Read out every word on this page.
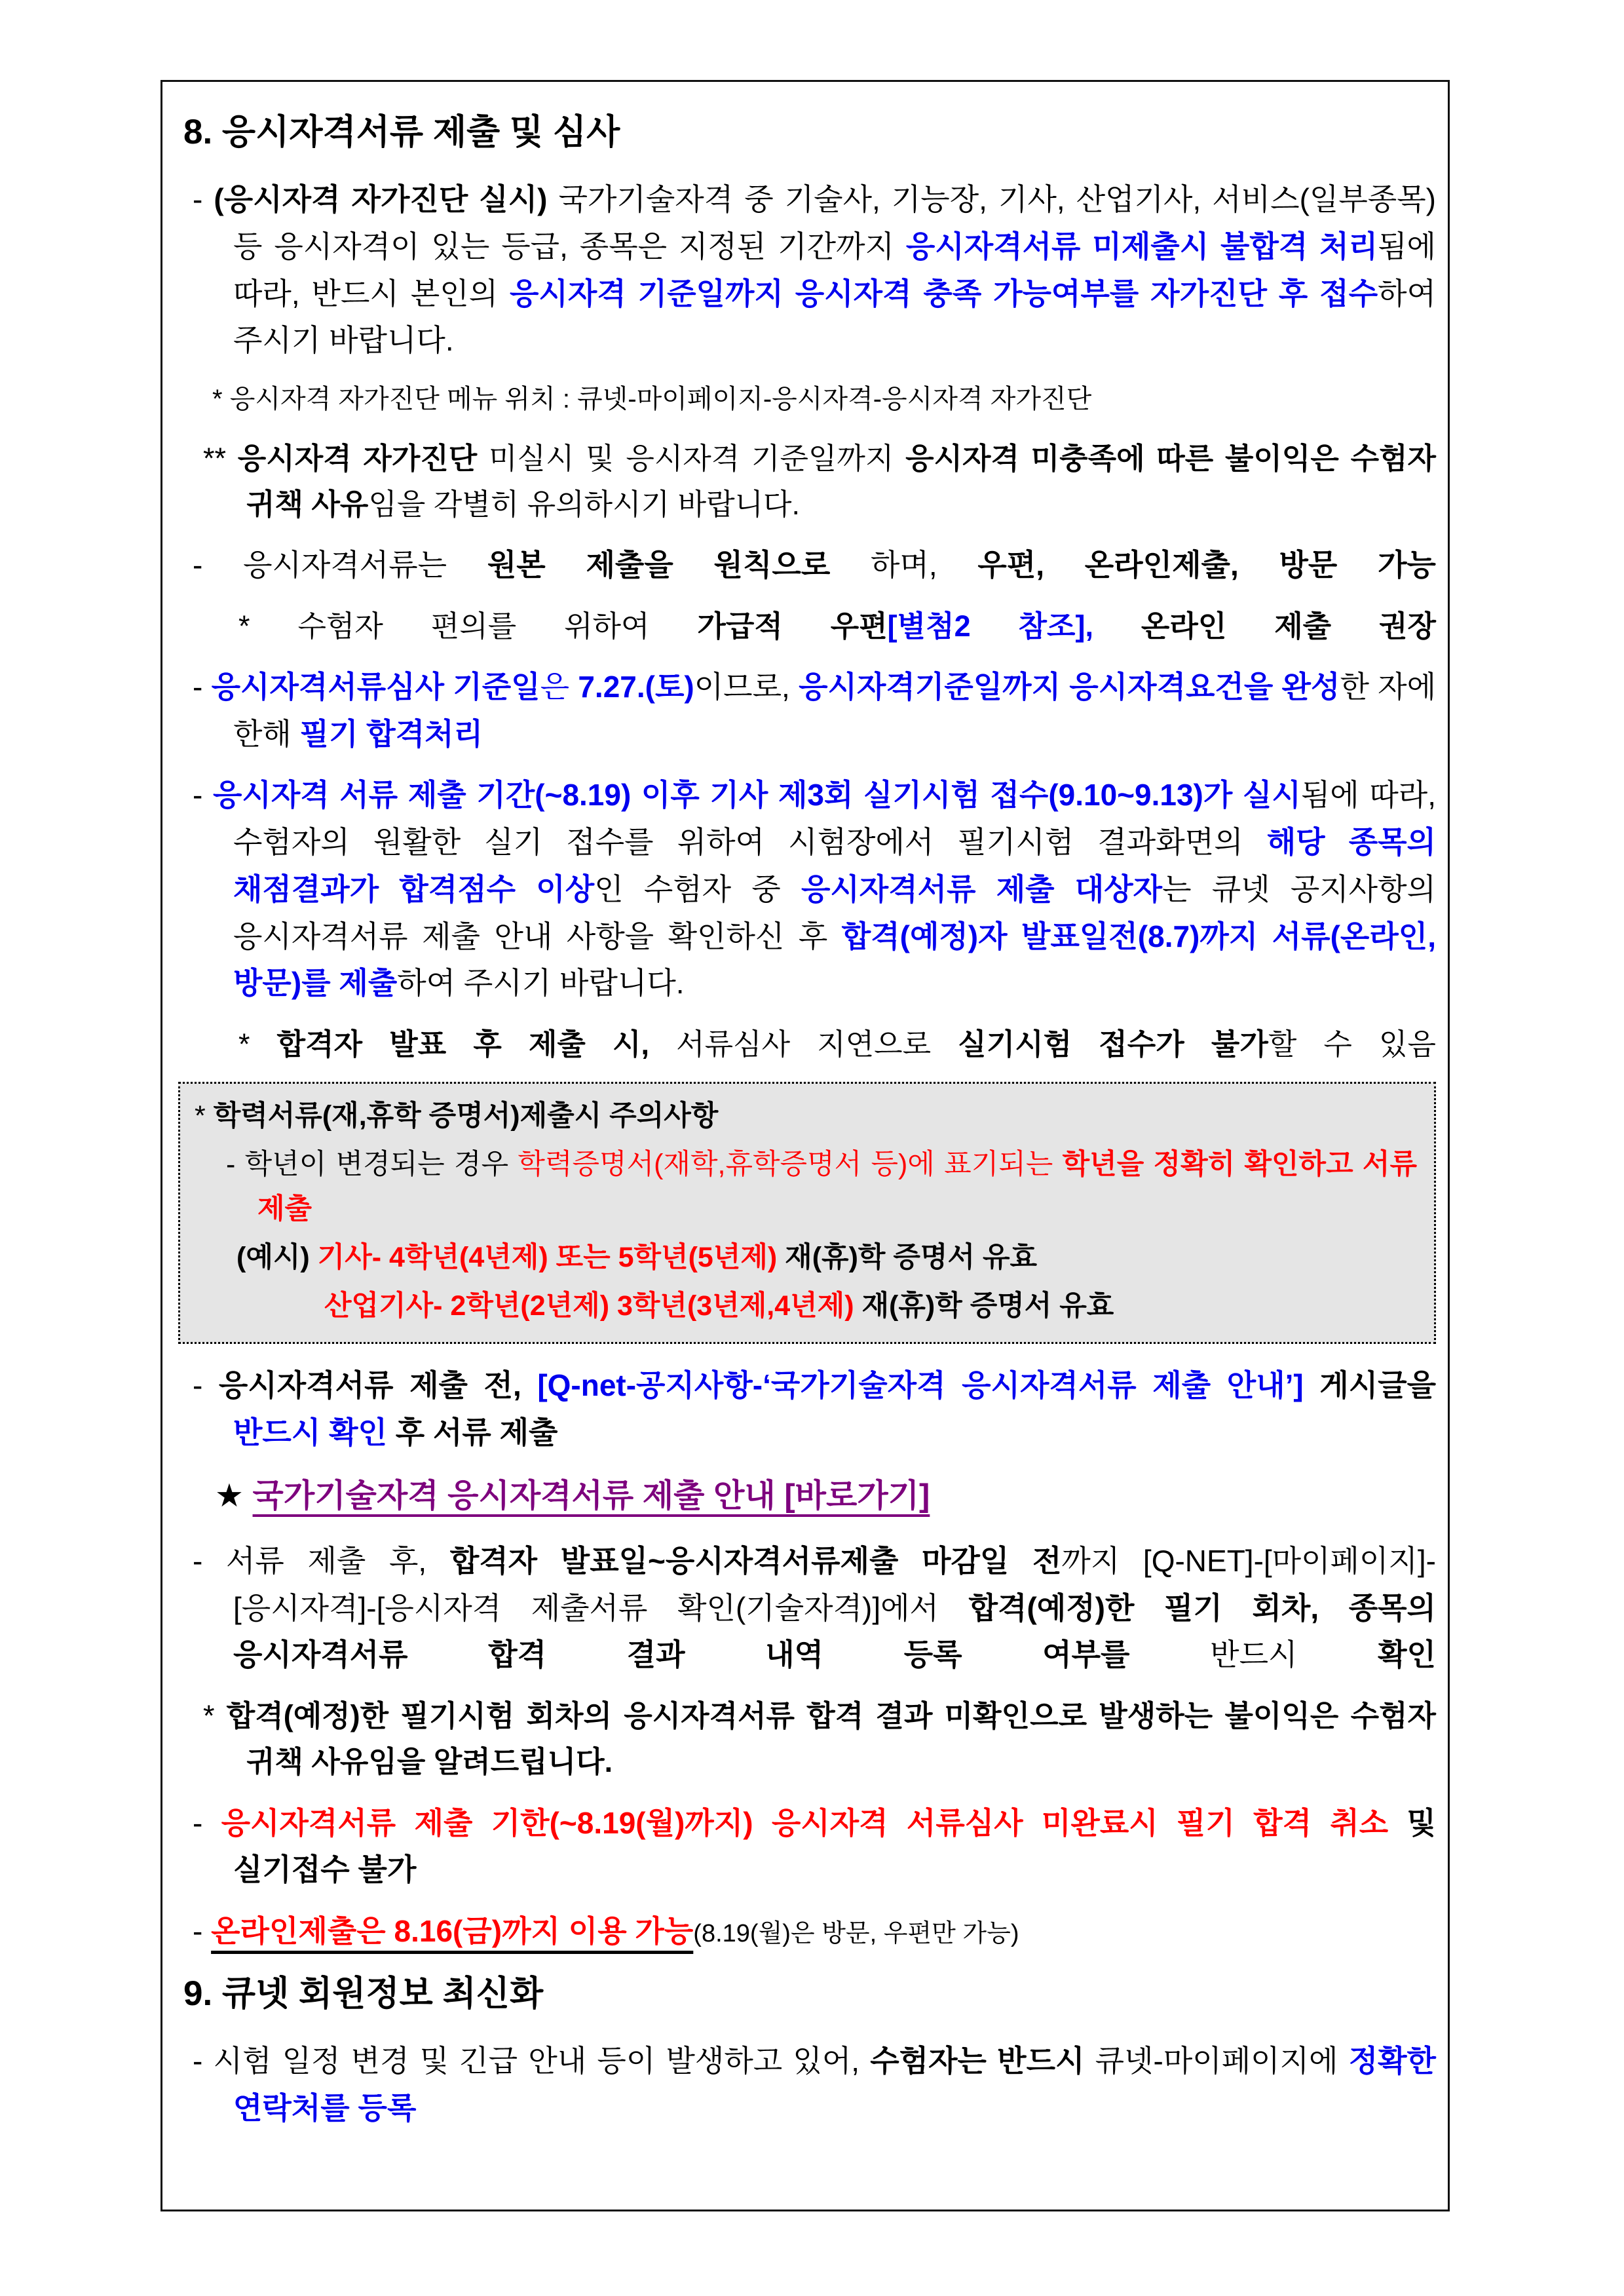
8. 응시자격서류 제출 및 심사
- (응시자격 자가진단 실시) 국가기술자격 중 기술사, 기능장, 기사, 산업기사, 서비스(일부종목) 등 응시자격이 있는 등급, 종목은 지정된 기간까지 응시자격서류 미제출시 불합격 처리됨에 따라, 반드시 본인의 응시자격 기준일까지 응시자격 충족 가능여부를 자가진단 후 접수하여 주시기 바랍니다.
* 응시자격 자가진단 메뉴 위치 : 큐넷-마이페이지-응시자격-응시자격 자가진단
** 응시자격 자가진단 미실시 및 응시자격 기준일까지 응시자격 미충족에 따른 불이익은 수험자 귀책 사유임을 각별히 유의하시기 바랍니다.
- 응시자격서류는 원본 제출을 원칙으로 하며, 우편, 온라인제출, 방문 가능
* 수험자 편의를 위하여 가급적 우편[별첨2 참조], 온라인 제출 권장
- 응시자격서류심사 기준일은 7.27.(토)이므로, 응시자격기준일까지 응시자격요건을 완성한 자에 한해 필기 합격처리
- 응시자격 서류 제출 기간(~8.19) 이후 기사 제3회 실기시험 접수(9.10~9.13)가 실시됨에 따라, 수험자의 원활한 실기 접수를 위하여 시험장에서 필기시험 결과화면의 해당 종목의 채점결과가 합격점수 이상인 수험자 중 응시자격서류 제출 대상자는 큐넷 공지사항의 응시자격서류 제출 안내 사항을 확인하신 후 합격(예정)자 발표일전(8.7)까지 서류(온라인, 방문)를 제출하여 주시기 바랍니다.
* 합격자 발표 후 제출 시, 서류심사 지연으로 실기시험 접수가 불가할 수 있음
* 학력서류(재,휴학 증명서)제출시 주의사항
- 학년이 변경되는 경우 학력증명서(재학,휴학증명서 등)에 표기되는 학년을 정확히 확인하고 서류 제출
(예시) 기사- 4학년(4년제) 또는 5학년(5년제) 재(휴)학 증명서 유효
산업기사- 2학년(2년제) 3학년(3년제,4년제) 재(휴)학 증명서 유효
- 응시자격서류 제출 전, [Q-net-공지사항-‘국가기술자격 응시자격서류 제출 안내’] 게시글을 반드시 확인 후 서류 제출
★ 국가기술자격 응시자격서류 제출 안내 [바로가기]
- 서류 제출 후, 합격자 발표일~응시자격서류제출 마감일 전까지 [Q-NET]-[마이페이지]-[응시자격]-[응시자격 제출서류 확인(기술자격)]에서 합격(예정)한 필기 회차, 종목의 응시자격서류 합격 결과 내역 등록 여부를 반드시 확인
* 합격(예정)한 필기시험 회차의 응시자격서류 합격 결과 미확인으로 발생하는 불이익은 수험자 귀책 사유임을 알려드립니다.
- 응시자격서류 제출 기한(~8.19(월)까지) 응시자격 서류심사 미완료시 필기 합격 취소 및 실기접수 불가
- 온라인제출은 8.16(금)까지 이용 가능(8.19(월)은 방문, 우편만 가능)
9. 큐넷 회원정보 최신화
- 시험 일정 변경 및 긴급 안내 등이 발생하고 있어, 수험자는 반드시 큐넷-마이페이지에 정확한 연락처를 등록
